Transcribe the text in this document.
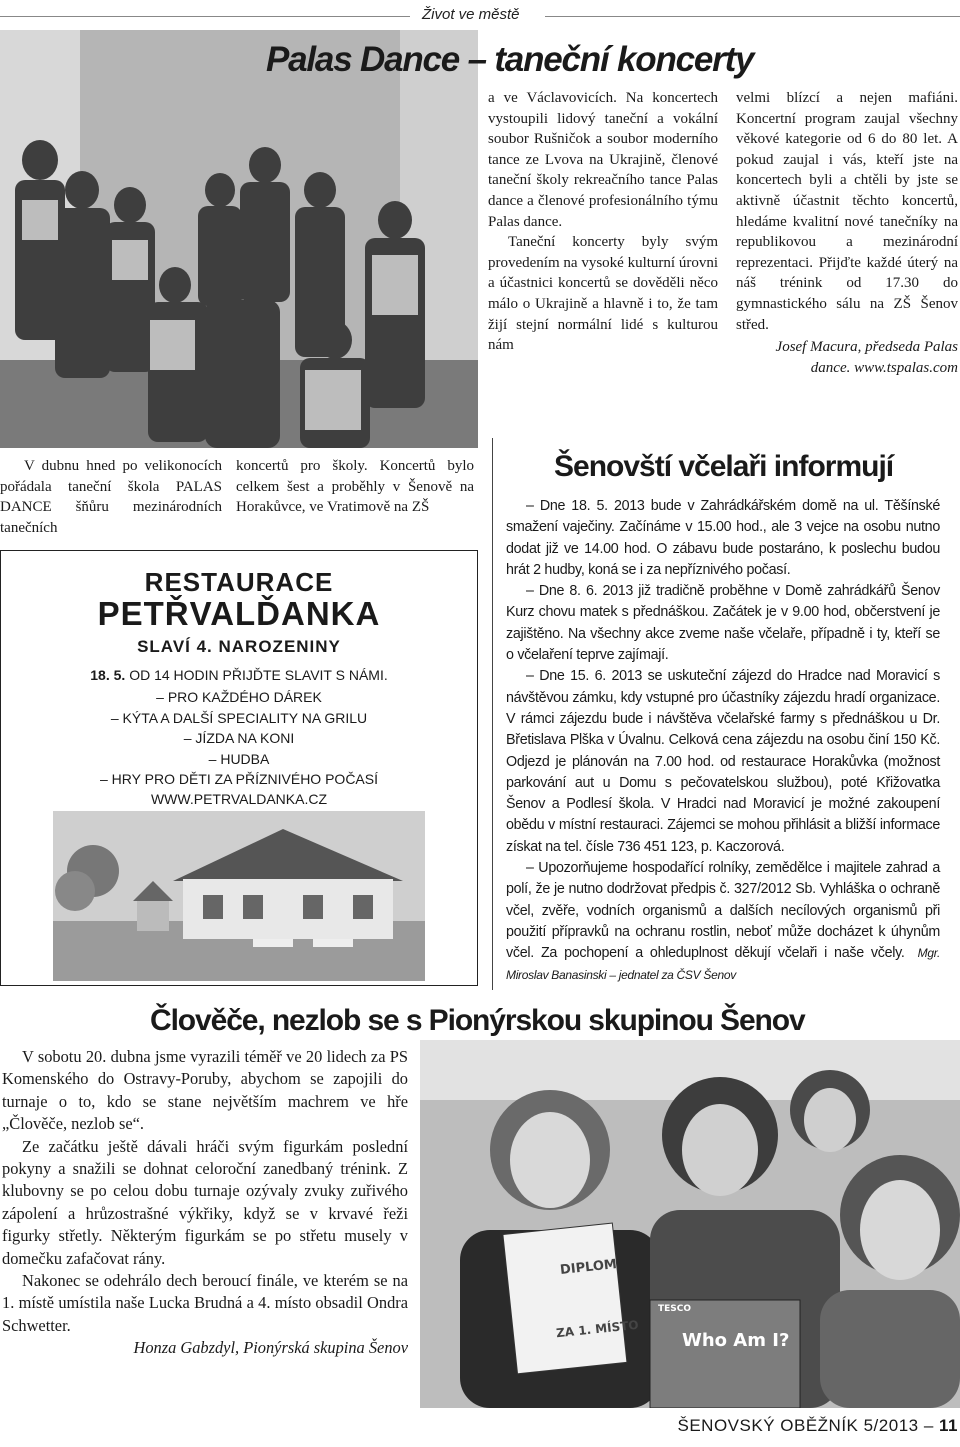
Život ve městě
Palas Dance – taneční koncerty

a ve Václavovicích. Na koncertech vystoupili lidový taneční a vokální soubor Rušničok a soubor moderního tance ze Lvova na Ukrajině, členové taneční školy rekreačního tance Palas dance a členové profesionálního týmu Palas dance.

Taneční koncerty byly svým provedením na vysoké kulturní úrovni a účastnici koncertů se dověděli něco málo o Ukrajině a hlavně i to, že tam žijí stejní normální lidé s kulturou nám

velmi blízcí a nejen mafiáni. Koncertní program zaujal všechny věkové kategorie od 6 do 80 let. A pokud zaujal i vás, kteří jste na koncertech byli a chtěli by jste se aktivně účastnit těchto koncertů, hledáme kvalitní nové tanečníky na republikovou a mezinárodní reprezentaci. Přijďte každé úterý na náš trénink od 17.30 do gymnastického sálu na ZŠ Šenov střed.

Josef Macura, předseda Palas dance. www.tspalas.com

V dubnu hned po velikonocích pořádala taneční škola PALAS DANCE šňůru mezinárodních tanečních
koncertů pro školy. Koncertů bylo celkem šest a proběhly v Šenově na Horakůvce, ve Vratimově na ZŠ
RESTAURACE
PETŘVALĎANKA
SLAVÍ 4. NAROZENINY
18. 5. OD 14 HODIN PŘIJĎTE SLAVIT S NÁMI.
– PRO KAŽDÉHO DÁREK
– KÝTA A DALŠÍ SPECIALITY NA GRILU
– JÍZDA NA KONI
– HUDBA
– HRY PRO DĚTI ZA PŘÍZNIVÉHO POČASÍ
WWW.PETRVALDANKA.CZ
Šenovští včelaři informují

– Dne 18. 5. 2013 bude v Zahrádkářském domě na ul. Těšínské smažení vaječiny. Začínáme v 15.00 hod., ale 3 vejce na osobu nutno dodat již ve 14.00 hod. O zábavu bude postaráno, k poslechu budou hrát 2 hudby, koná se i za nepříznivého počasí.

– Dne 8. 6. 2013 již tradičně proběhne v Domě zahrádkářů Šenov Kurz chovu matek s přednáškou. Začátek je v 9.00 hod, občerstvení je zajištěno. Na všechny akce zveme naše včelaře, případně i ty, kteří se o včelaření teprve zajímají.

– Dne 15. 6. 2013 se uskuteční zájezd do Hradce nad Moravicí s návštěvou zámku, kdy vstupné pro účastníky zájezdu hradí organizace. V rámci zájezdu bude i návštěva včelařské farmy s přednáškou u Dr. Břetislava Plška v Úvalnu. Celková cena zájezdu na osobu činí 150 Kč. Odjezd je plánován na 7.00 hod. od restaurace Horakůvka (možnost parkování aut u Domu s pečovatelskou službou), poté Křižovatka Šenov a Podlesí škola. V Hradci nad Moravicí je možné zakoupení obědu v místní restauraci. Zájemci se mohou přihlásit a bližší informace získat na tel. čísle 736 451 123, p. Kaczorová.

– Upozorňujeme hospodařící rolníky, zemědělce i majitele zahrad a polí, že je nutno dodržovat předpis č. 327/2012 Sb. Vyhláška o ochraně včel, zvěře, vodních organismů a dalších necílových organismů při použití přípravků na ochranu rostlin, neboť může docházet k úhynům včel. Za pochopení a ohleduplnost děkují včelaři i naše včely. Mgr. Miroslav Banasinski – jednatel za ČSV Šenov

Člověče, nezlob se s Pionýrskou skupinou Šenov

V sobotu 20. dubna jsme vyrazili téměř ve 20 lidech za PS Komenského do Ostravy-Poruby, abychom se zapojili do turnaje o to, kdo se stane největším machrem ve hře „Člověče, nezlob se“.

Ze začátku ještě dávali hráči svým figurkám poslední pokyny a snažili se dohnat celoroční zanedbaný trénink. Z klubovny se po celou dobu turnaje ozývaly zvuky zuřivého zápolení a hrůzostrašné výkřiky, když se v krvavé řeži figurky střetly. Některým figurkám se po střetu musely v domečku zafačovat rány.

Nakonec se odehrálo dech beroucí finále, ve kterém se na 1. místě umístila naše Lucka Brudná a 4. místo obsadil Ondra Schwetter.

Honza Gabzdyl, Pionýrská skupina Šenov

DIPLOM
ZA 1. MÍSTO
TESCO
Who Am I?
ŠENOVSKÝ OBĚŽNÍK 5/2013 – 11
